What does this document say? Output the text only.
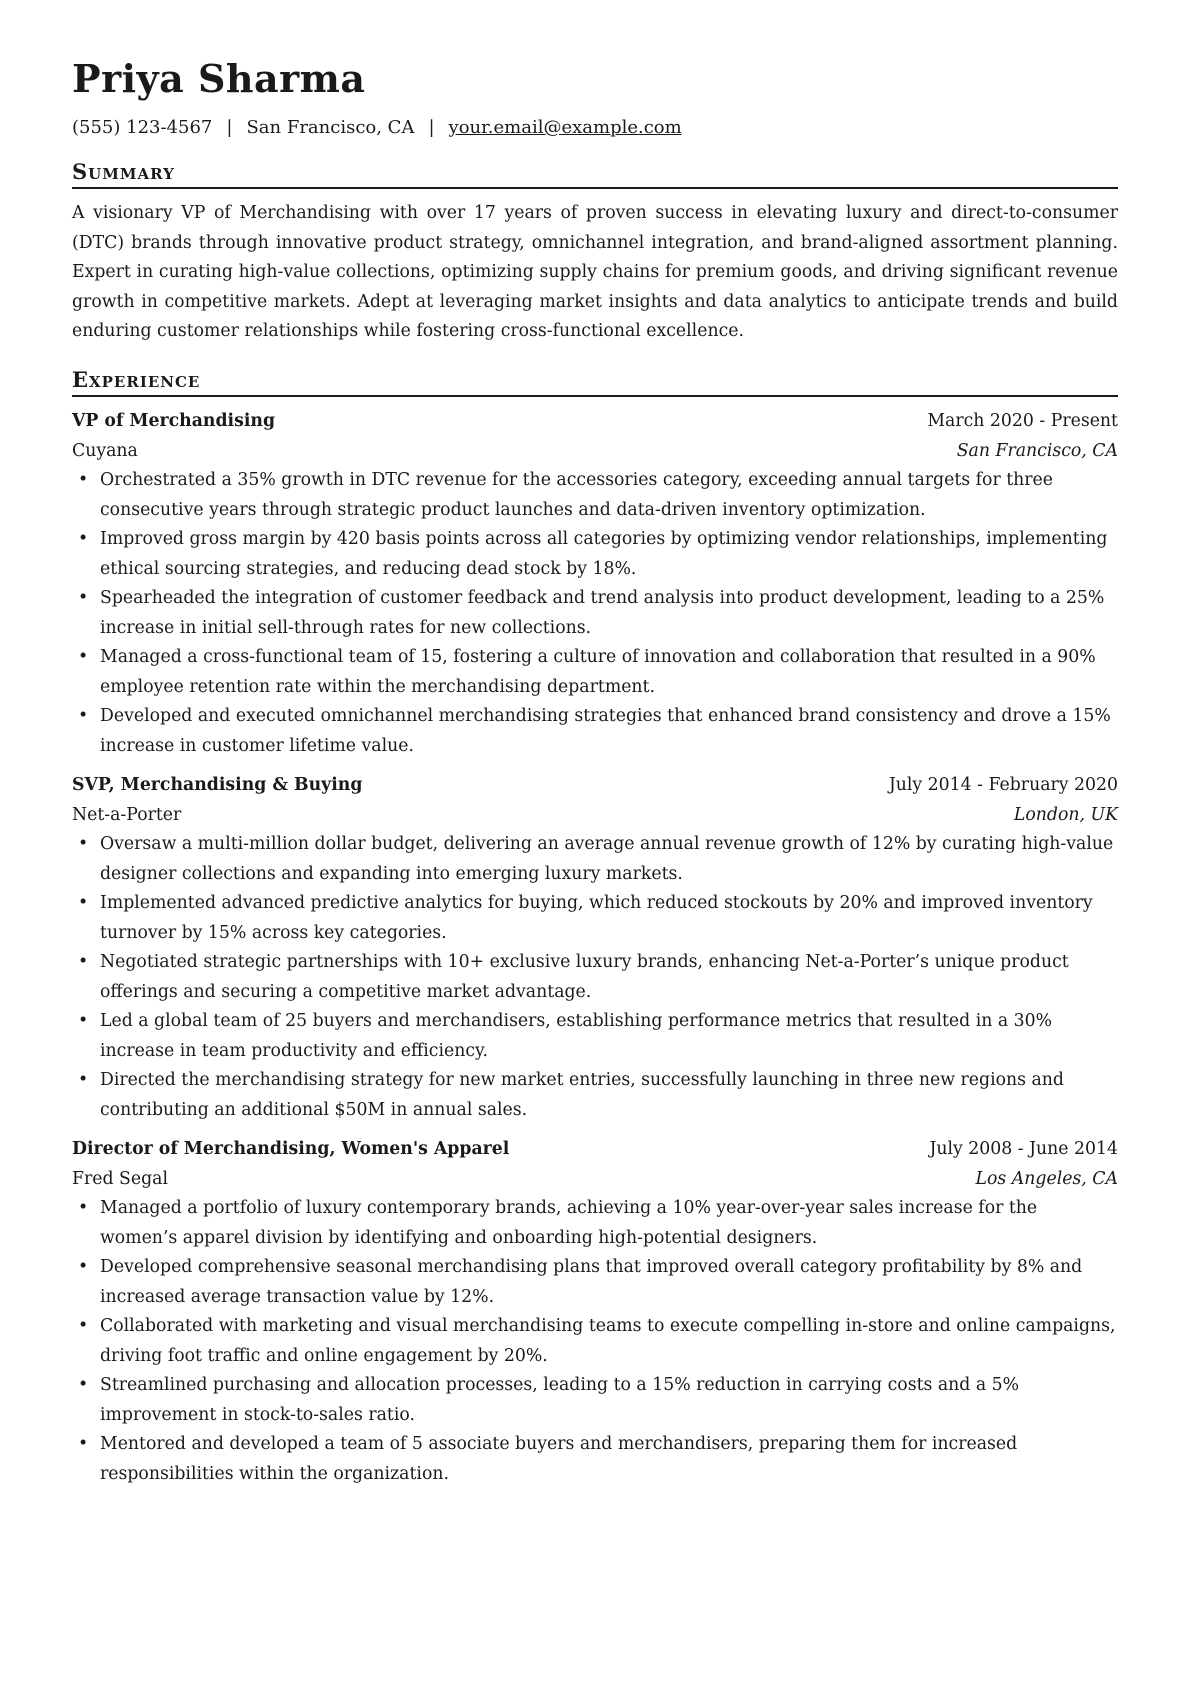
Priya Sharma
(555) 123-4567 | San Francisco, CA | your.email@example.com
Summary
A visionary VP of Merchandising with over 17 years of proven success in elevating luxury and direct-to-consumer (DTC) brands through innovative product strategy, omnichannel integration, and brand-aligned assortment planning. Expert in curating high-value collections, optimizing supply chains for premium goods, and driving significant revenue growth in competitive markets. Adept at leveraging market insights and data analytics to anticipate trends and build enduring customer relationships while fostering cross-functional excellence.
Experience
VP of Merchandising	March 2020 - Present
Cuyana	San Francisco, CA
• Orchestrated a 35% growth in DTC revenue for the accessories category, exceeding annual targets for three consecutive years through strategic product launches and data-driven inventory optimization.
• Improved gross margin by 420 basis points across all categories by optimizing vendor relationships, implementing ethical sourcing strategies, and reducing dead stock by 18%.
• Spearheaded the integration of customer feedback and trend analysis into product development, leading to a 25% increase in initial sell-through rates for new collections.
• Managed a cross-functional team of 15, fostering a culture of innovation and collaboration that resulted in a 90% employee retention rate within the merchandising department.
• Developed and executed omnichannel merchandising strategies that enhanced brand consistency and drove a 15% increase in customer lifetime value.
SVP, Merchandising & Buying	July 2014 - February 2020
Net-a-Porter	London, UK
• Oversaw a multi-million dollar budget, delivering an average annual revenue growth of 12% by curating high-value designer collections and expanding into emerging luxury markets.
• Implemented advanced predictive analytics for buying, which reduced stockouts by 20% and improved inventory turnover by 15% across key categories.
• Negotiated strategic partnerships with 10+ exclusive luxury brands, enhancing Net-a-Porter’s unique product offerings and securing a competitive market advantage.
• Led a global team of 25 buyers and merchandisers, establishing performance metrics that resulted in a 30% increase in team productivity and efficiency.
• Directed the merchandising strategy for new market entries, successfully launching in three new regions and contributing an additional $50M in annual sales.
Director of Merchandising, Women's Apparel	July 2008 - June 2014
Fred Segal	Los Angeles, CA
• Managed a portfolio of luxury contemporary brands, achieving a 10% year-over-year sales increase for the women’s apparel division by identifying and onboarding high-potential designers.
• Developed comprehensive seasonal merchandising plans that improved overall category profitability by 8% and increased average transaction value by 12%.
• Collaborated with marketing and visual merchandising teams to execute compelling in-store and online campaigns, driving foot traffic and online engagement by 20%.
• Streamlined purchasing and allocation processes, leading to a 15% reduction in carrying costs and a 5% improvement in stock-to-sales ratio.
• Mentored and developed a team of 5 associate buyers and merchandisers, preparing them for increased responsibilities within the organization.
